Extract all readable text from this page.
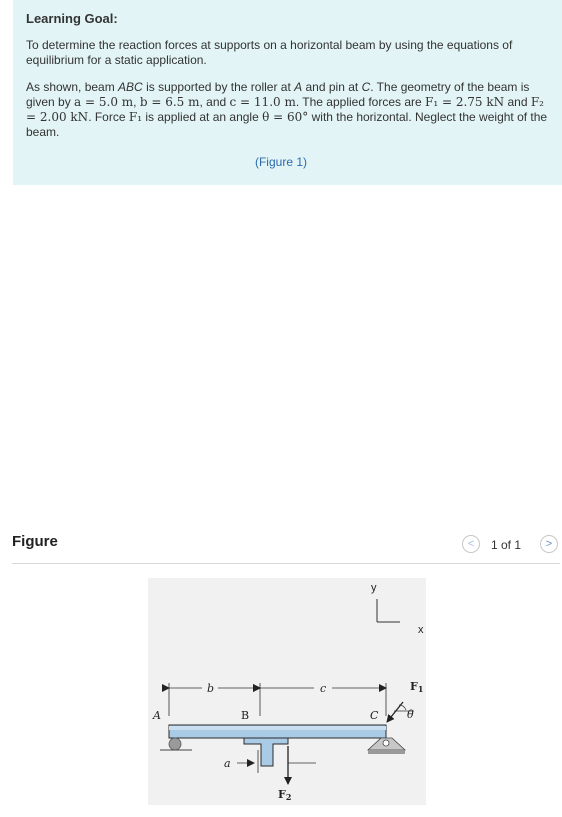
Learning Goal:
To determine the reaction forces at supports on a horizontal beam by using the equations of equilibrium for a static application.
As shown, beam ABC is supported by the roller at A and pin at C. The geometry of the beam is given by a = 5.0 m, b = 6.5 m, and c = 11.0 m. The applied forces are F₁ = 2.75 kN and F₂ = 2.00 kN. Force F₁ is applied at an angle θ = 60° with the horizontal. Neglect the weight of the beam.
(Figure 1)
Figure	<	1 of 1	>
y
x
b	c
a
A	B	C
F1
θ
F2
